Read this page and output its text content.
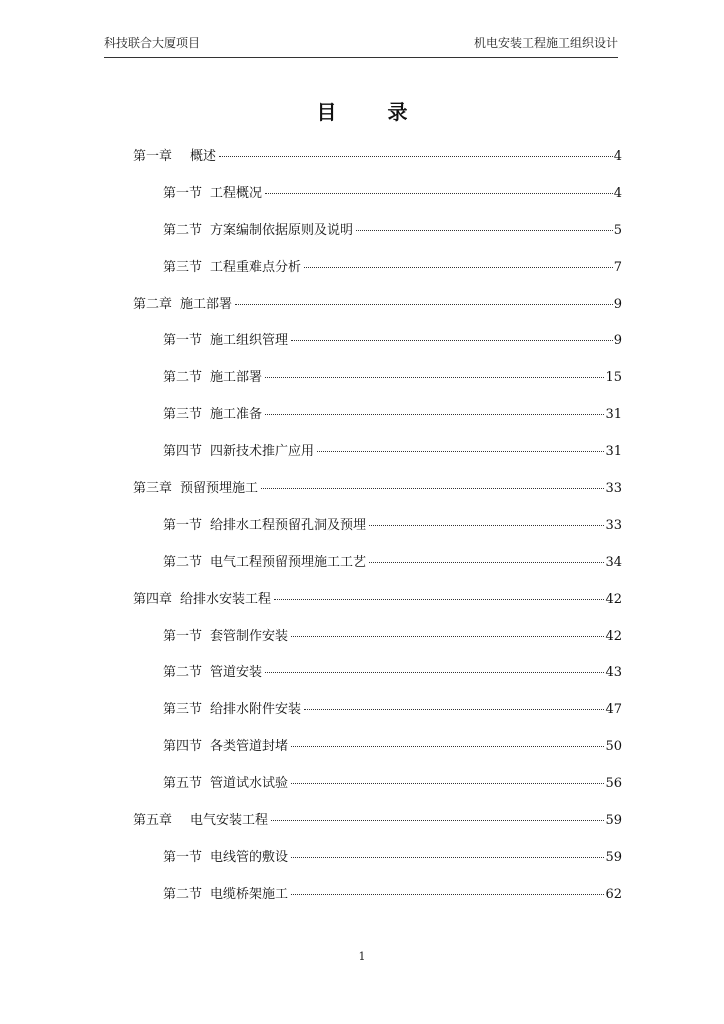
科技联合大厦项目	机电安装工程施工组织设计
目 录
第一章 概述	4
第一节 工程概况	4
第二节 方案编制依据原则及说明	5
第三节 工程重难点分析	7
第二章 施工部署	9
第一节 施工组织管理	9
第二节 施工部署	15
第三节 施工准备	31
第四节 四新技术推广应用	31
第三章 预留预埋施工	33
第一节 给排水工程预留孔洞及预埋	33
第二节 电气工程预留预埋施工工艺	34
第四章 给排水安装工程	42
第一节 套管制作安装	42
第二节 管道安装	43
第三节 给排水附件安装	47
第四节 各类管道封堵	50
第五节 管道试水试验	56
第五章 电气安装工程	59
第一节 电线管的敷设	59
第二节 电缆桥架施工	62
1
